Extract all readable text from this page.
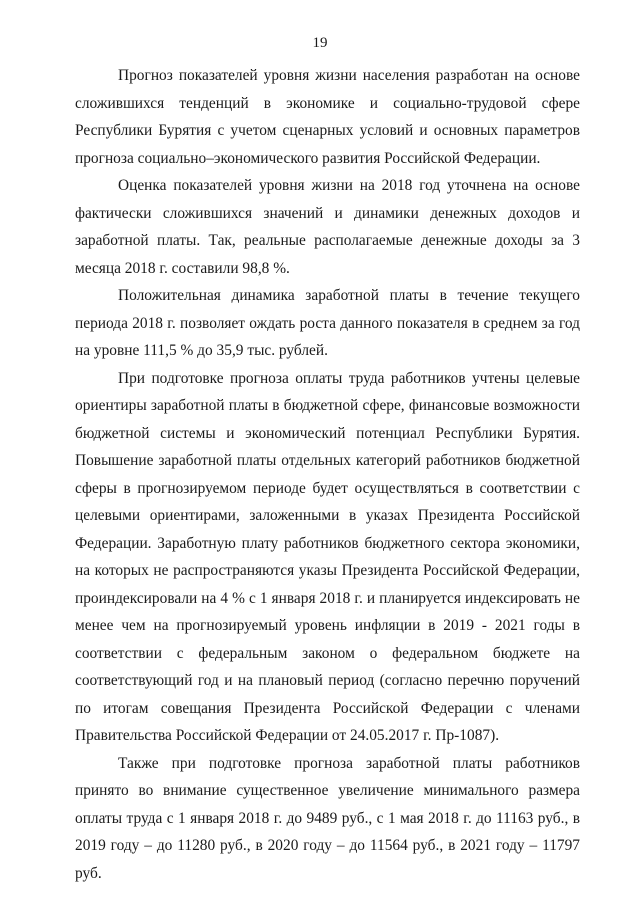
19

Прогноз показателей уровня жизни населения разработан на основе сложившихся тенденций в экономике и социально-трудовой сфере Республики Бурятия с учетом сценарных условий и основных параметров прогноза социально–экономического развития Российской Федерации.

Оценка показателей уровня жизни на 2018 год уточнена на основе фактически сложившихся значений и динамики денежных доходов и заработной платы. Так, реальные располагаемые денежные доходы за 3 месяца 2018 г. составили 98,8 %.

Положительная динамика заработной платы в течение текущего периода 2018 г. позволяет ождать роста данного показателя в среднем за год на уровне 111,5 % до 35,9 тыс. рублей.

При подготовке прогноза оплаты труда работников учтены целевые ориентиры заработной платы в бюджетной сфере, финансовые возможности бюджетной системы и экономический потенциал Республики Бурятия. Повышение заработной платы отдельных категорий работников бюджетной сферы в прогнозируемом периоде будет осуществляться в соответствии с целевыми ориентирами, заложенными в указах Президента Российской Федерации. Заработную плату работников бюджетного сектора экономики, на которых не распространяются указы Президента Российской Федерации, проиндексировали на 4 % с 1 января 2018 г. и планируется индексировать не менее чем на прогнозируемый уровень инфляции в 2019 - 2021 годы в соответствии с федеральным законом о федеральном бюджете на соответствующий год и на плановый период (согласно перечню поручений по итогам совещания Президента Российской Федерации с членами Правительства Российской Федерации от 24.05.2017 г. Пр-1087).

Также при подготовке прогноза заработной платы работников принято во внимание существенное увеличение минимального размера оплаты труда с 1 января 2018 г. до 9489 руб., с 1 мая 2018 г. до 11163 руб., в 2019 году – до 11280 руб., в 2020 году – до 11564 руб., в 2021 году – 11797 руб.
